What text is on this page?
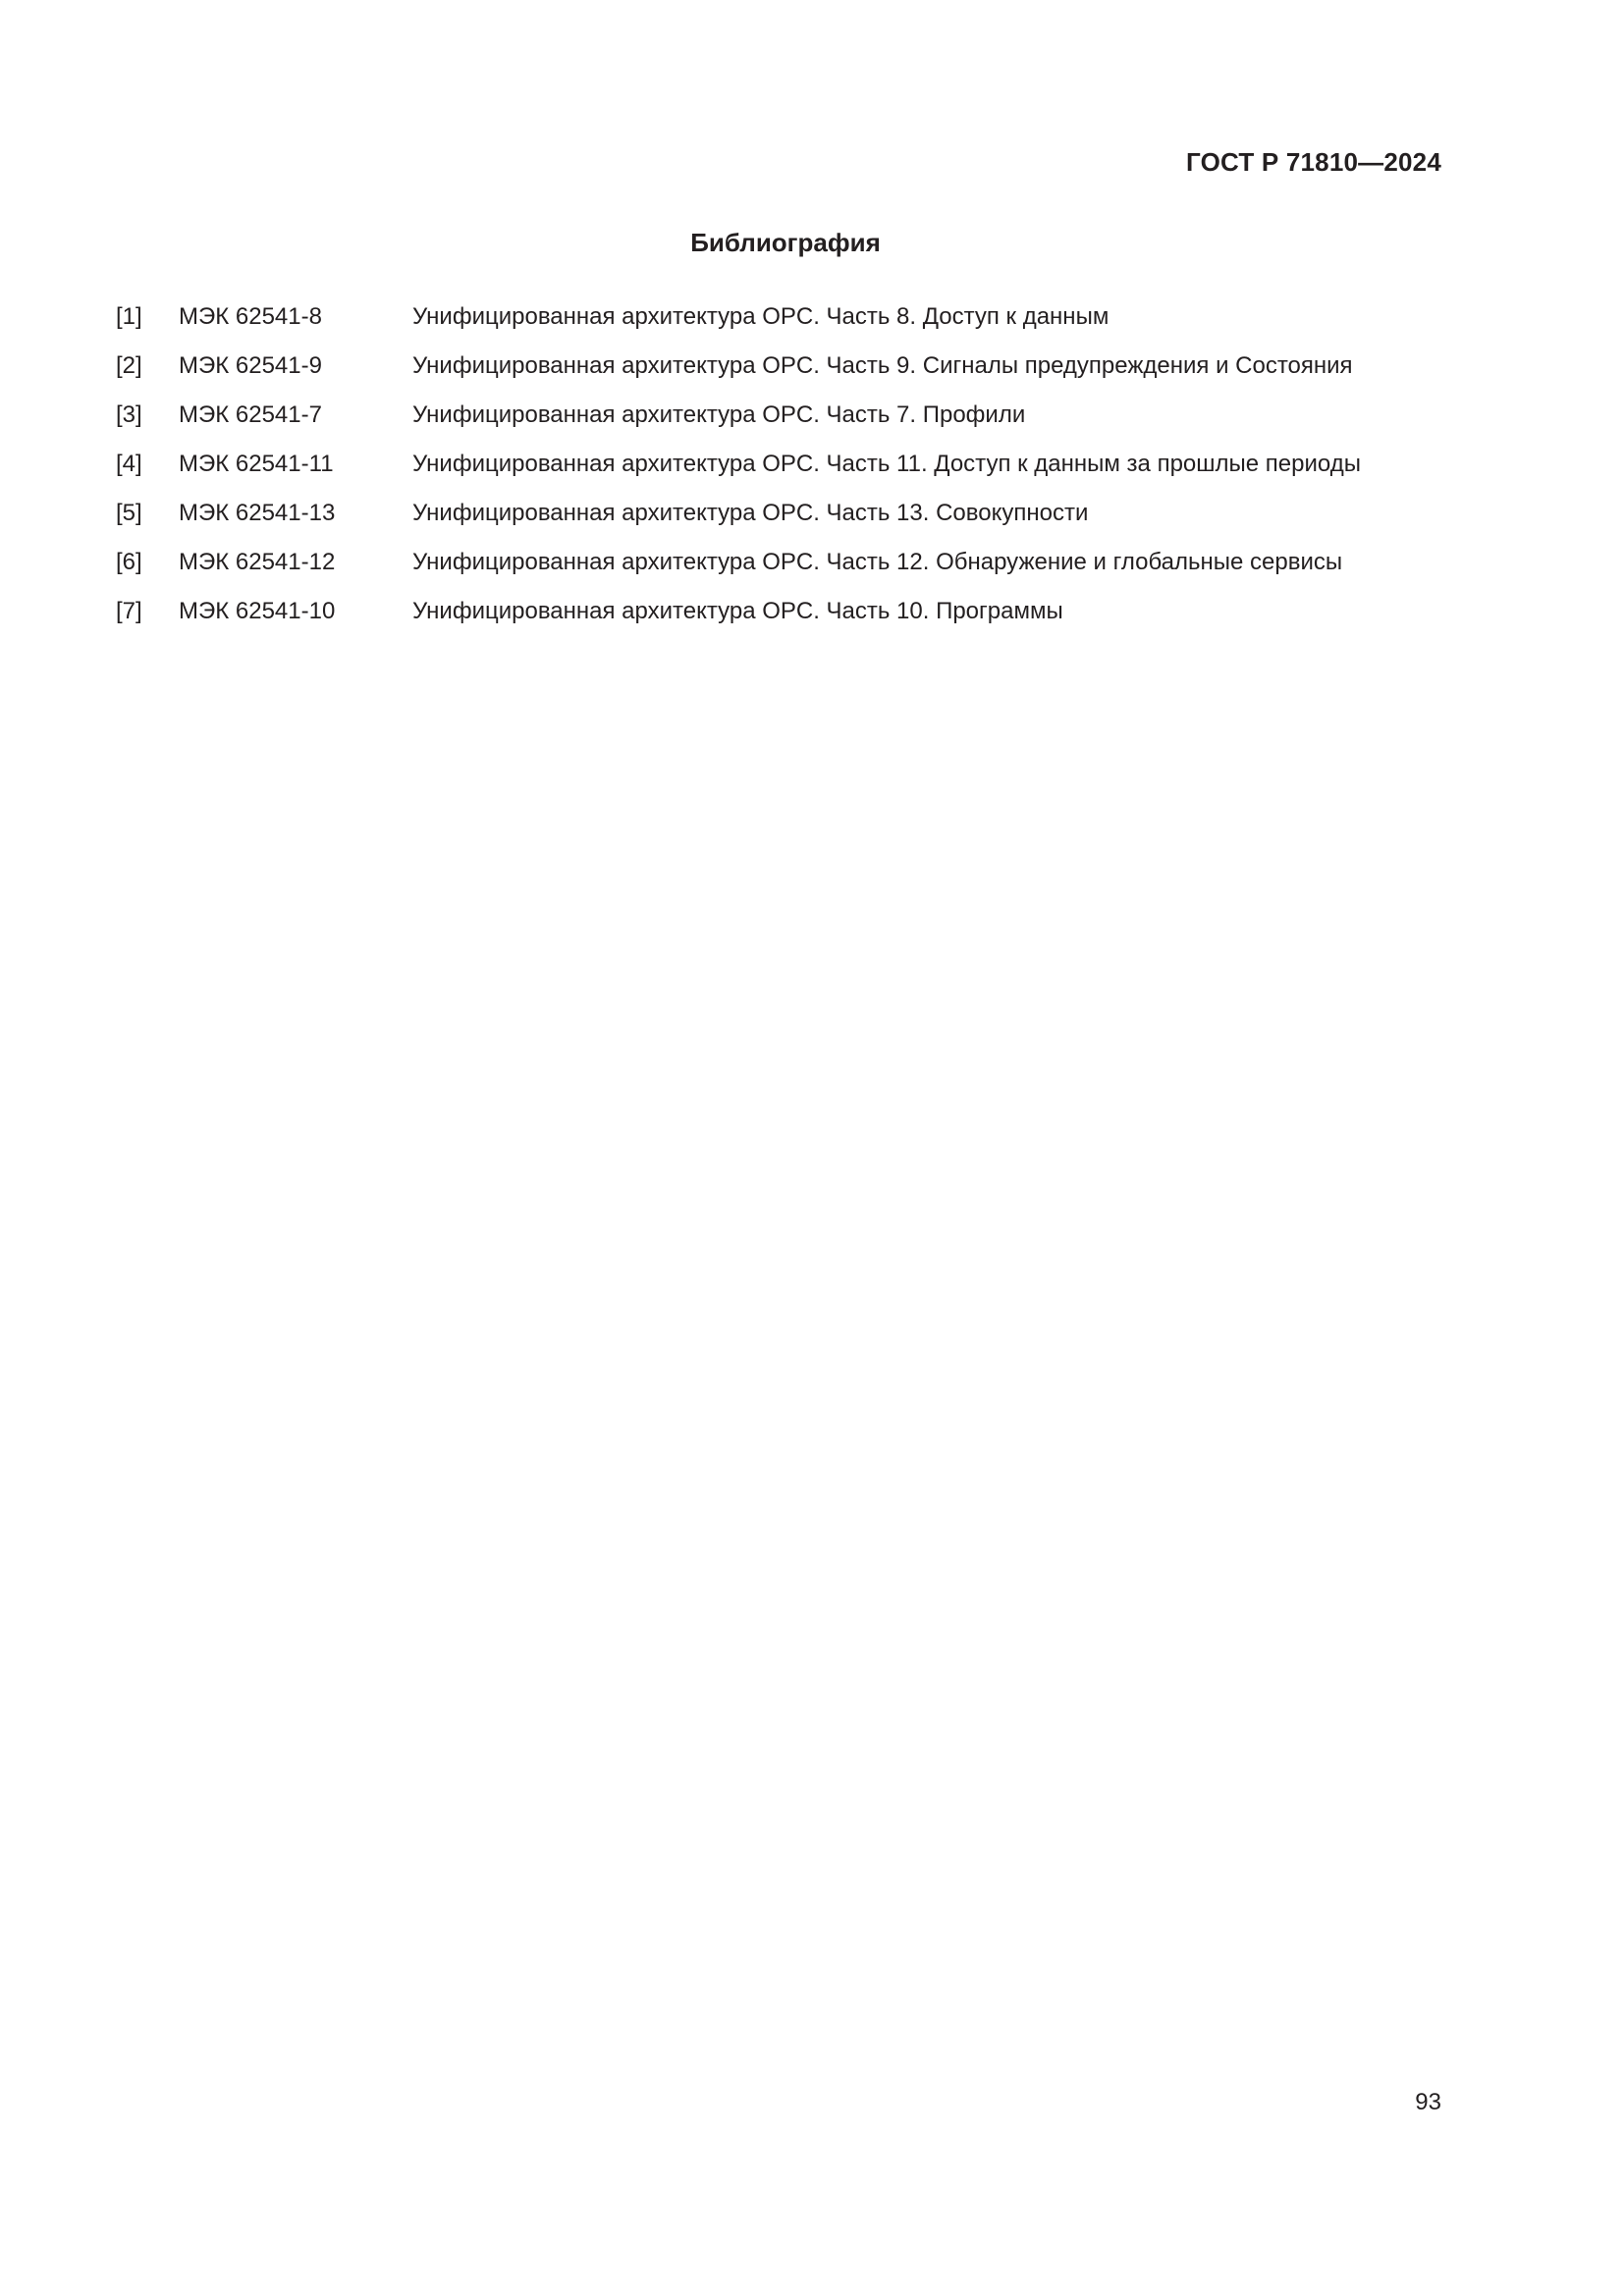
ГОСТ Р 71810—2024
Библиография
[1] МЭК 62541-8	Унифицированная архитектура OPC. Часть 8. Доступ к данным
[2] МЭК 62541-9	Унифицированная архитектура OPC. Часть 9. Сигналы предупреждения и Состояния
[3] МЭК 62541-7	Унифицированная архитектура OPC. Часть 7. Профили
[4] МЭК 62541-11	Унифицированная архитектура OPC. Часть 11. Доступ к данным за прошлые периоды
[5] МЭК 62541-13	Унифицированная архитектура OPC. Часть 13. Совокупности
[6] МЭК 62541-12	Унифицированная архитектура OPC. Часть 12. Обнаружение и глобальные сервисы
[7] МЭК 62541-10	Унифицированная архитектура OPC. Часть 10. Программы
93
